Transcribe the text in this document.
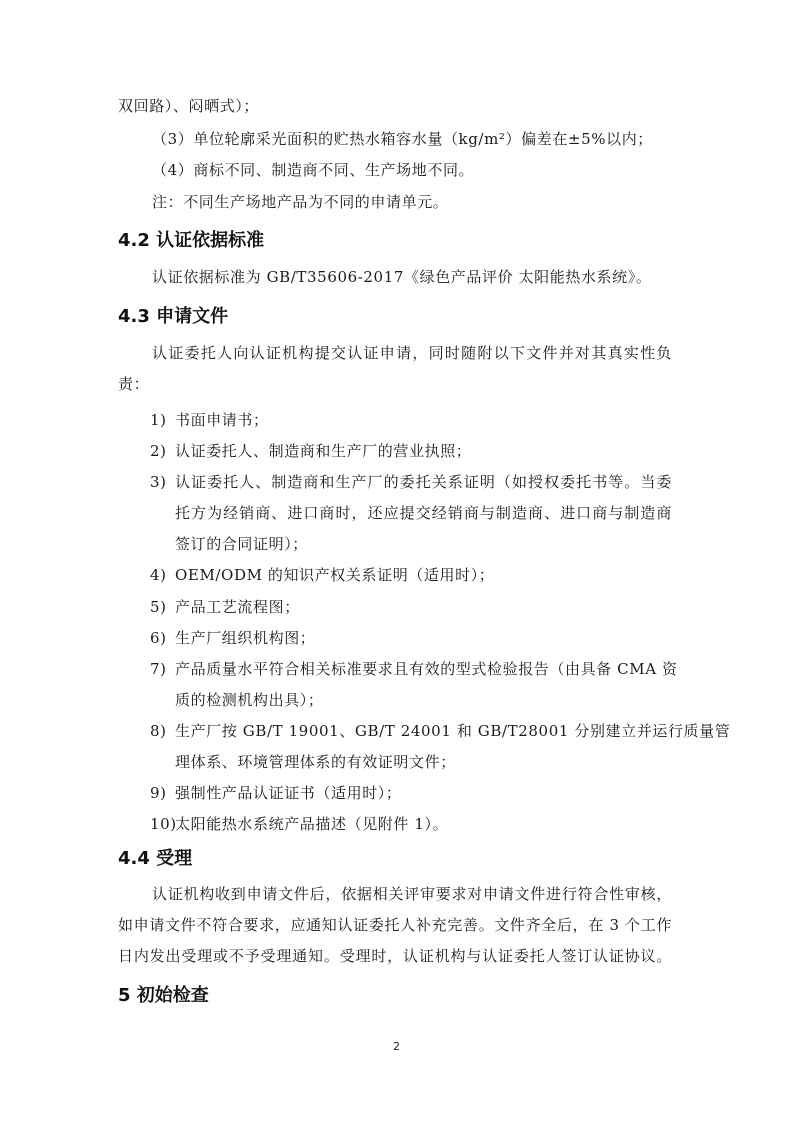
双回路）、闷晒式）；
（3）单位轮廓采光面积的贮热水箱容水量（kg/m²）偏差在±5%以内；
（4）商标不同、制造商不同、生产场地不同。
注：不同生产场地产品为不同的申请单元。
4.2 认证依据标准
认证依据标准为 GB/T35606-2017《绿色产品评价 太阳能热水系统》。
4.3 申请文件
认证委托人向认证机构提交认证申请，同时随附以下文件并对其真实性负
责：
1) 书面申请书；
2) 认证委托人、制造商和生产厂的营业执照；
3) 认证委托人、制造商和生产厂的委托关系证明（如授权委托书等。当委
托方为经销商、进口商时，还应提交经销商与制造商、进口商与制造商
签订的合同证明）；
4) OEM/ODM 的知识产权关系证明（适用时）；
5) 产品工艺流程图；
6) 生产厂组织机构图；
7) 产品质量水平符合相关标准要求且有效的型式检验报告（由具备 CMA 资
质的检测机构出具）；
8) 生产厂按 GB/T 19001、GB/T 24001 和 GB/T28001 分别建立并运行质量管
理体系、环境管理体系的有效证明文件；
9) 强制性产品认证证书（适用时）；
10)
太阳能热水系统产品描述（见附件 1）。
4.4 受理
认证机构收到申请文件后，依据相关评审要求对申请文件进行符合性审核，
如申请文件不符合要求，应通知认证委托人补充完善。文件齐全后，在 3 个工作
日内发出受理或不予受理通知。受理时，认证机构与认证委托人签订认证协议。
5 初始检查
2
